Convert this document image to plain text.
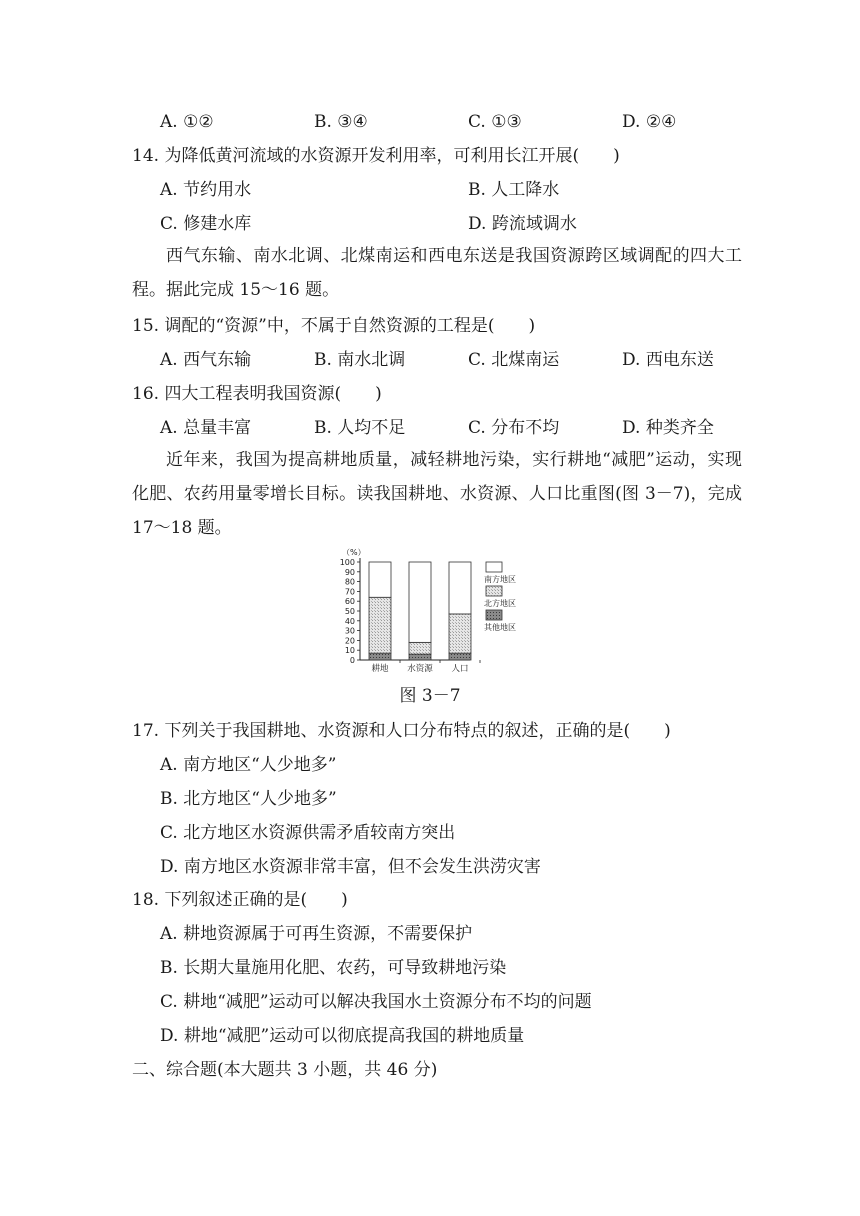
A. ①②	B. ③④	C. ①③	D. ②④
14. 为降低黄河流域的水资源开发利用率，可利用长江开展(　　)
A. 节约用水	B. 人工降水
C. 修建水库	D. 跨流域调水
西气东输、南水北调、北煤南运和西电东送是我国资源跨区域调配的四大工程。据此完成 15～16 题。
15. 调配的“资源”中，不属于自然资源的工程是(　　)
A. 西气东输	B. 南水北调	C. 北煤南运	D. 西电东送
16. 四大工程表明我国资源(　　)
A. 总量丰富	B. 人均不足	C. 分布不均	D. 种类齐全
近年来，我国为提高耕地质量，减轻耕地污染，实行耕地“减肥”运动，实现化肥、农药用量零增长目标。读我国耕地、水资源、人口比重图(图 3－7)，完成 17～18 题。
（%）
0
10
20
30
40
50
60
70
80
90
100
耕地 水资源 人口
南方地区
北方地区
其他地区
图 3－7
17. 下列关于我国耕地、水资源和人口分布特点的叙述，正确的是(　　)
A. 南方地区“人少地多”
B. 北方地区“人少地多”
C. 北方地区水资源供需矛盾较南方突出
D. 南方地区水资源非常丰富，但不会发生洪涝灾害
18. 下列叙述正确的是(　　)
A. 耕地资源属于可再生资源，不需要保护
B. 长期大量施用化肥、农药，可导致耕地污染
C. 耕地“减肥”运动可以解决我国水土资源分布不均的问题
D. 耕地“减肥”运动可以彻底提高我国的耕地质量
二、综合题(本大题共 3 小题，共 46 分)
